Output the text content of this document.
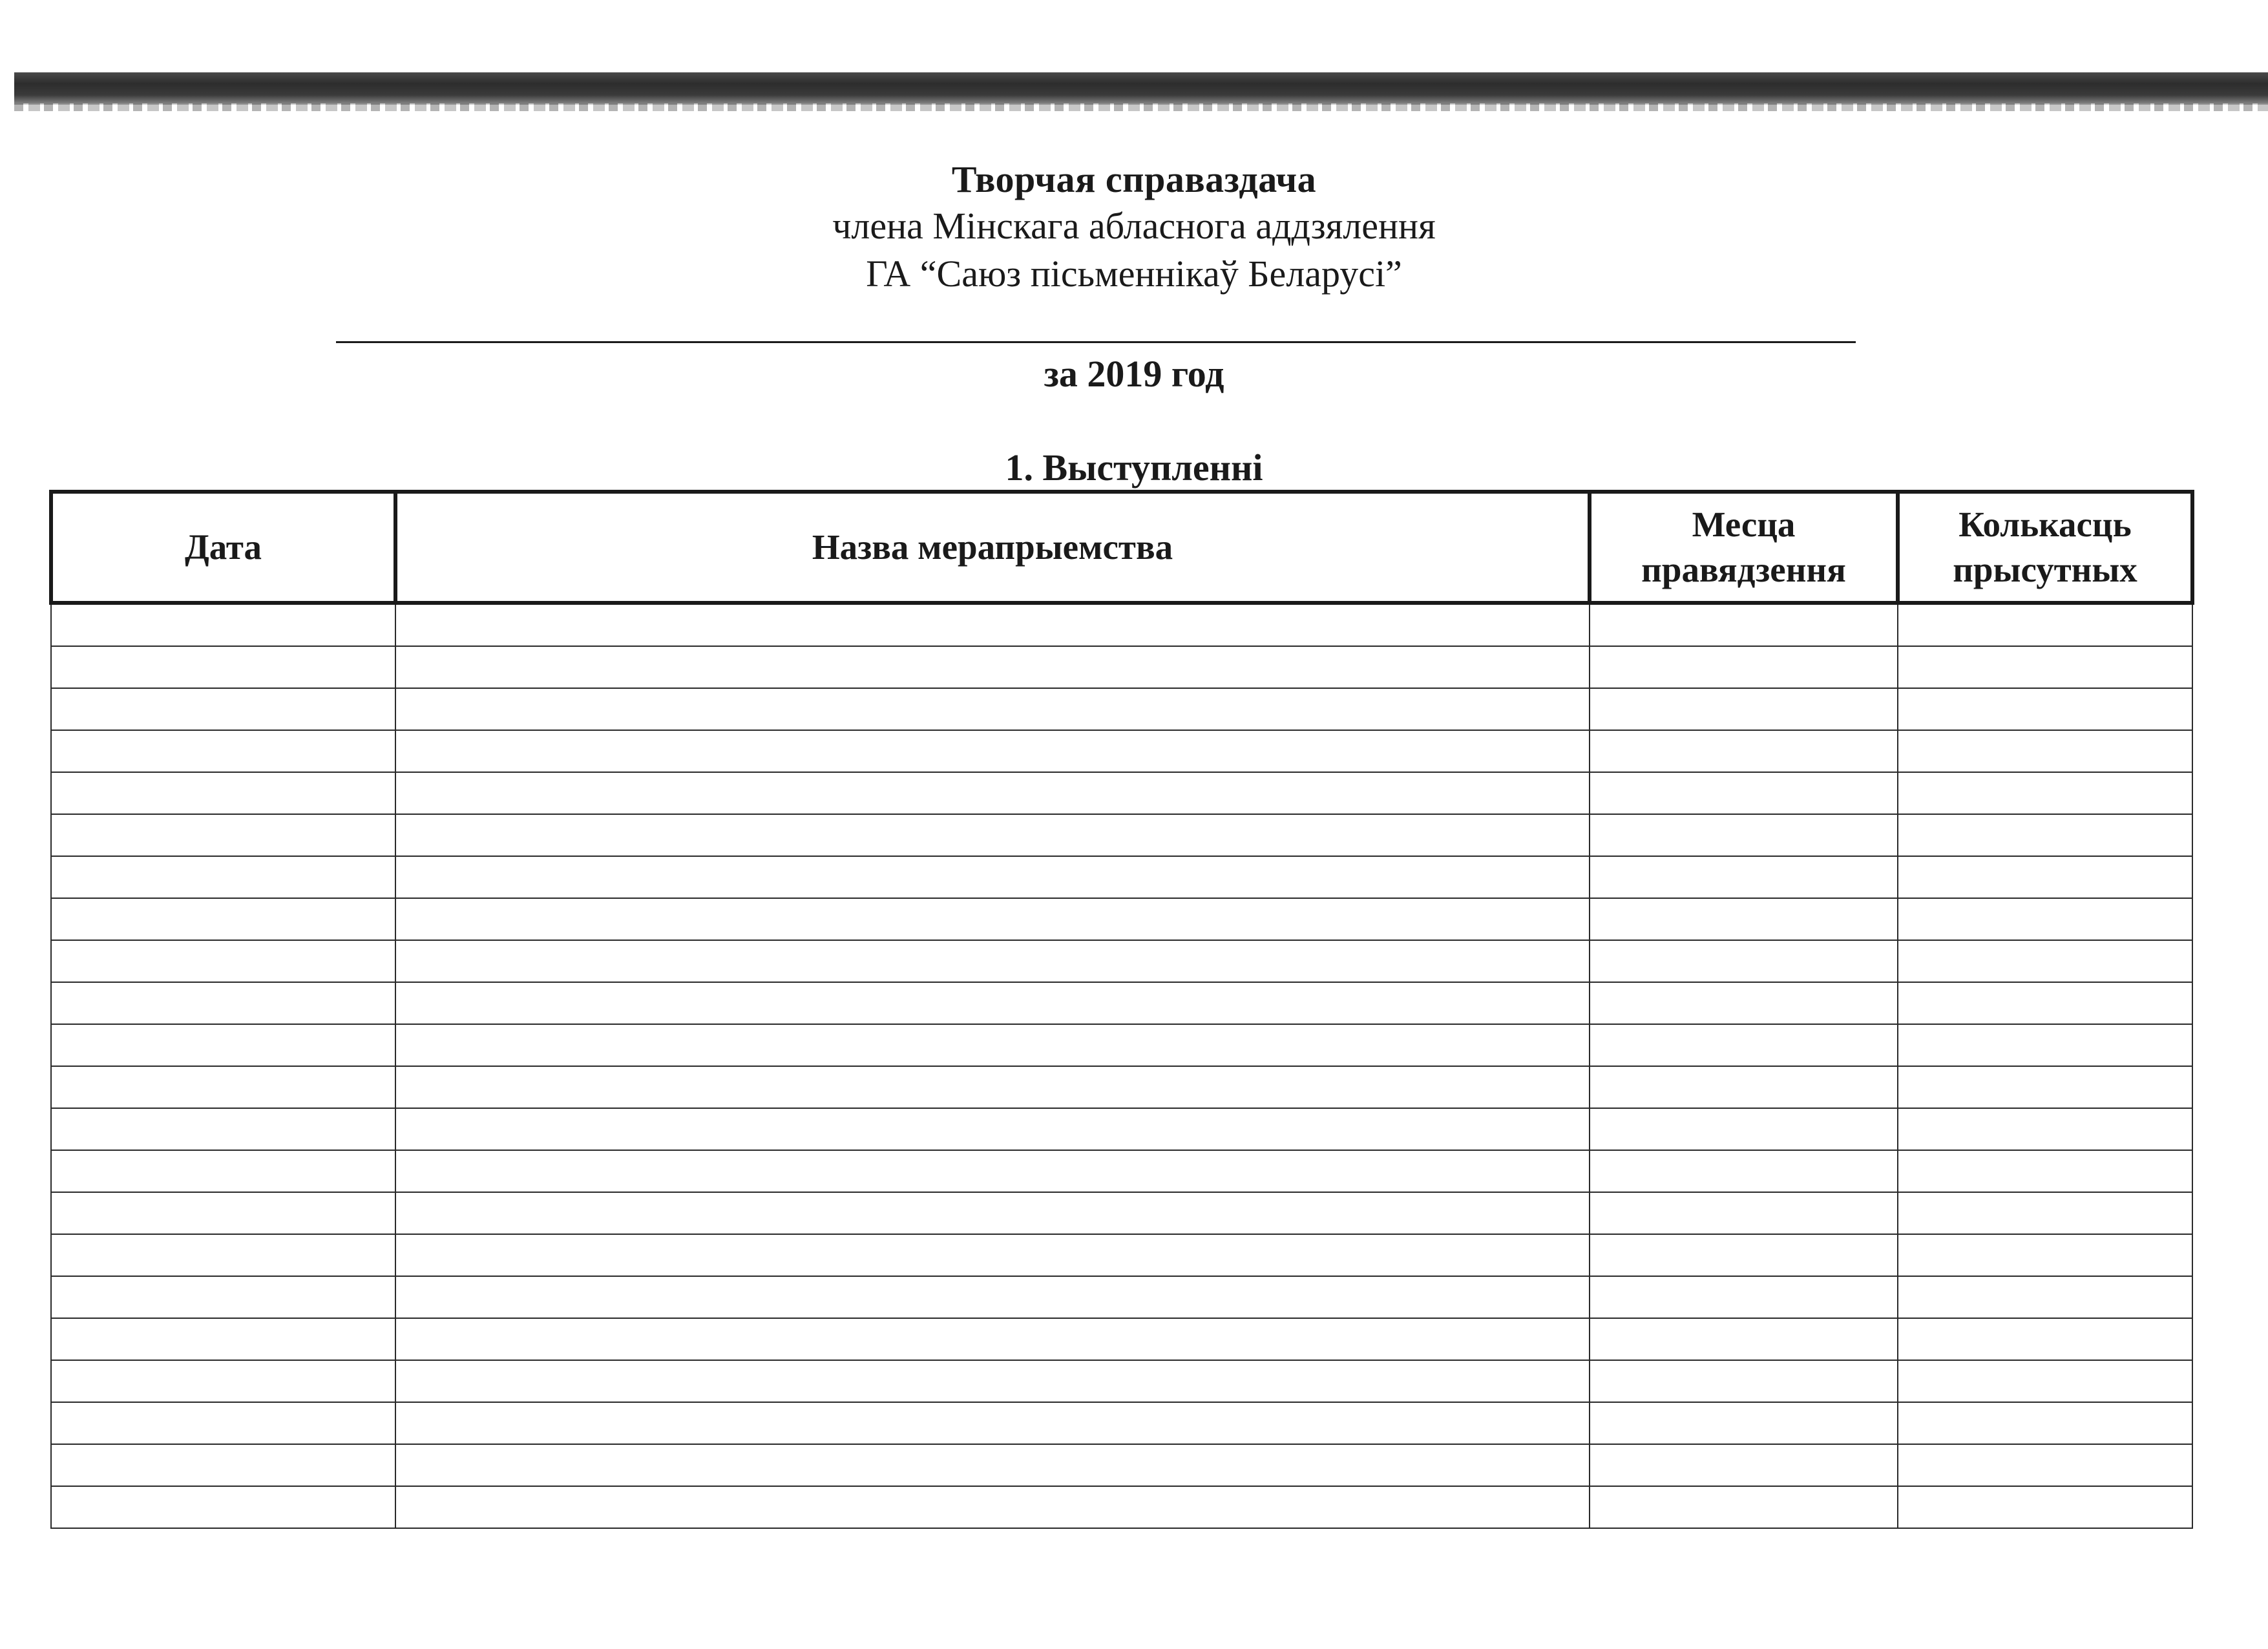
Творчая справаздача
члена Мінскага абласнога аддзялення
ГА “Саюз пісьменнікаў Беларусі”
за 2019 год
1. Выступленні
Дата	Назва мерапрыемства	Месца правядзення	Колькасць прысутных
